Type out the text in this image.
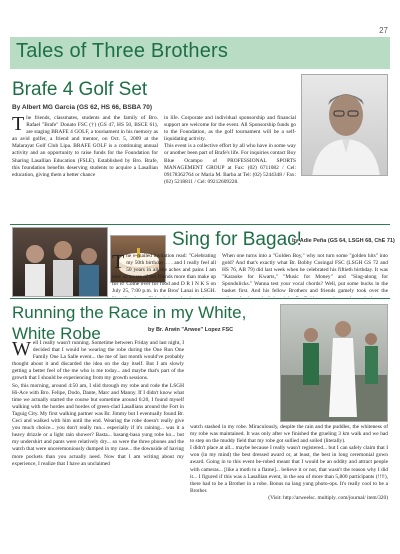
27
Tales of Three Brothers
Brafe 4 Golf Set
By Albert MG Garcia (GS 62, HS 66, BSBA 70)
The friends, classmates, students and the family of Bro. Rafael "Brafe" Donato FSC (†) (GS 47, HS 50, BSCE 61), are staging BRAFE 4 GOLF, a tournament in his memory as an avid golfer, a friend and mentor, on Oct. 5, 2009 at the Malarayat Golf Club Lipa. BRAFE GOLF is a continuing annual activity and an opportunity to raise funds for the Foundation for Sharing Lasallian Education (FSLE). Established by Bro. Brafe, this foundation benefits deserving students to acquire a Lasallian education, giving them a better chance
in life. Corporate and individual sponsorship and financial support are welcome for the event. All Sponsorship funds go to the Foundation, as the golf tournament will be a self-liquidating activity.
This event is a collective effort by all who have in some way or another been part of Brafe's life. For inquiries contact Boy Blue Ocampo of PROFESSIONAL SPORTS MANAGEMENT GROUP at Fax: (02) 6711082 / Cel: 09178362764 or Maria M. Barba at Tel: (02) 5244348 / Fax: (02) 5218811 / Cel: 09212609228.
Sing for Bagac!
by Adie Peña (GS 64, LSGH 68, ChE 71)
The e-mailed invitation read: "Celebrating my 50th birthday . . . and I really feel all 50 years in all the aches and pains I am now so aware of but friends more than make up for it! Come over for food and D R I N K S on July 25, 7:00 p.m. in the Bros' Lanai in LSGH.
When one turns into a "Golden Boy," why not turn some "golden hits" into gold? And that's exactly what Br. Bobby Cosingal FSC (LSGH GS 72 and HS 76, AB 79) did last week when he celebrated his fiftieth birthday. It was "Karaoke for Kwarts," "Music for Money" and "Sing-along for Spondulicks." Wanna test your vocal chords? Well, put some bucks in the basket first. And his fellow Brothers and friends gamely took over the
Running the Race in my White, White Robe	by Br. Arwin "Arwee" Lopez FSC
Well I really wasn't running. Sometime between Friday and last night, I decided that I would be wearing the robe during the One Run One Family One La Salle event... the me of last month would've probably thought about it and discarded the idea on the day itself. But I am slowly getting a better feel of the me who is me today... and maybe that's part of the growth that I should be experiencing from my growth sessions.
So, this morning, around 4:50 am, I slid through my robe and rode the LSGH Hi-Ace with Bro. Felipe, Dodo, Dante, Marc and Manny. If I didn't know what time we actually started the course but sometime around 6:20, I found myself walking with the hordes and hordes of green-clad Lasallians around the Fort in Taguig City. My first walking partner was Br. Jimmy but I eventually found Br. Ceci and walked with him until the end. Wearing the robe doesn't really give you much choice... you don't really run... especially if it's raining... was it a heavy drizzle or a light rain shower? Basta... basang-basa yung robe ko... but my undershirt and pants were relatively dry... so were the three phones and the watch that were unceremoniously dumped in my case... the downside of having more pockets than you actually need. Now that I am writing about my experience, I realize that I have an unclaimed
watch stashed in my robe. Miraculously, despite the rain and the puddles, the whiteness of my robe was maintained. It was only after we finished the grueling 3 km walk and we had to step on the muddy field that my robe got sullied and soiled (literally).
I didn't place at all... maybe because I really wasn't registered... but I can safely claim that I won (in my mind) the best dressed award or, at least, the best in long ceremonial gown award. Going in to this event be-robed meant that I would be an oddity and attract people with cameras... [like a moth to a flame]... believe it or not, that wasn't the reason why I did it... I figured if this was a Lasallian event, in the sea of more than 5,800 participants (!!!!), there had to be a Brother in a robe. Bonus na lang yung photo-ops. It's really cool to be a Brother.
(Visit: http://arweelsc. multiply. com/journal/ item/320)
